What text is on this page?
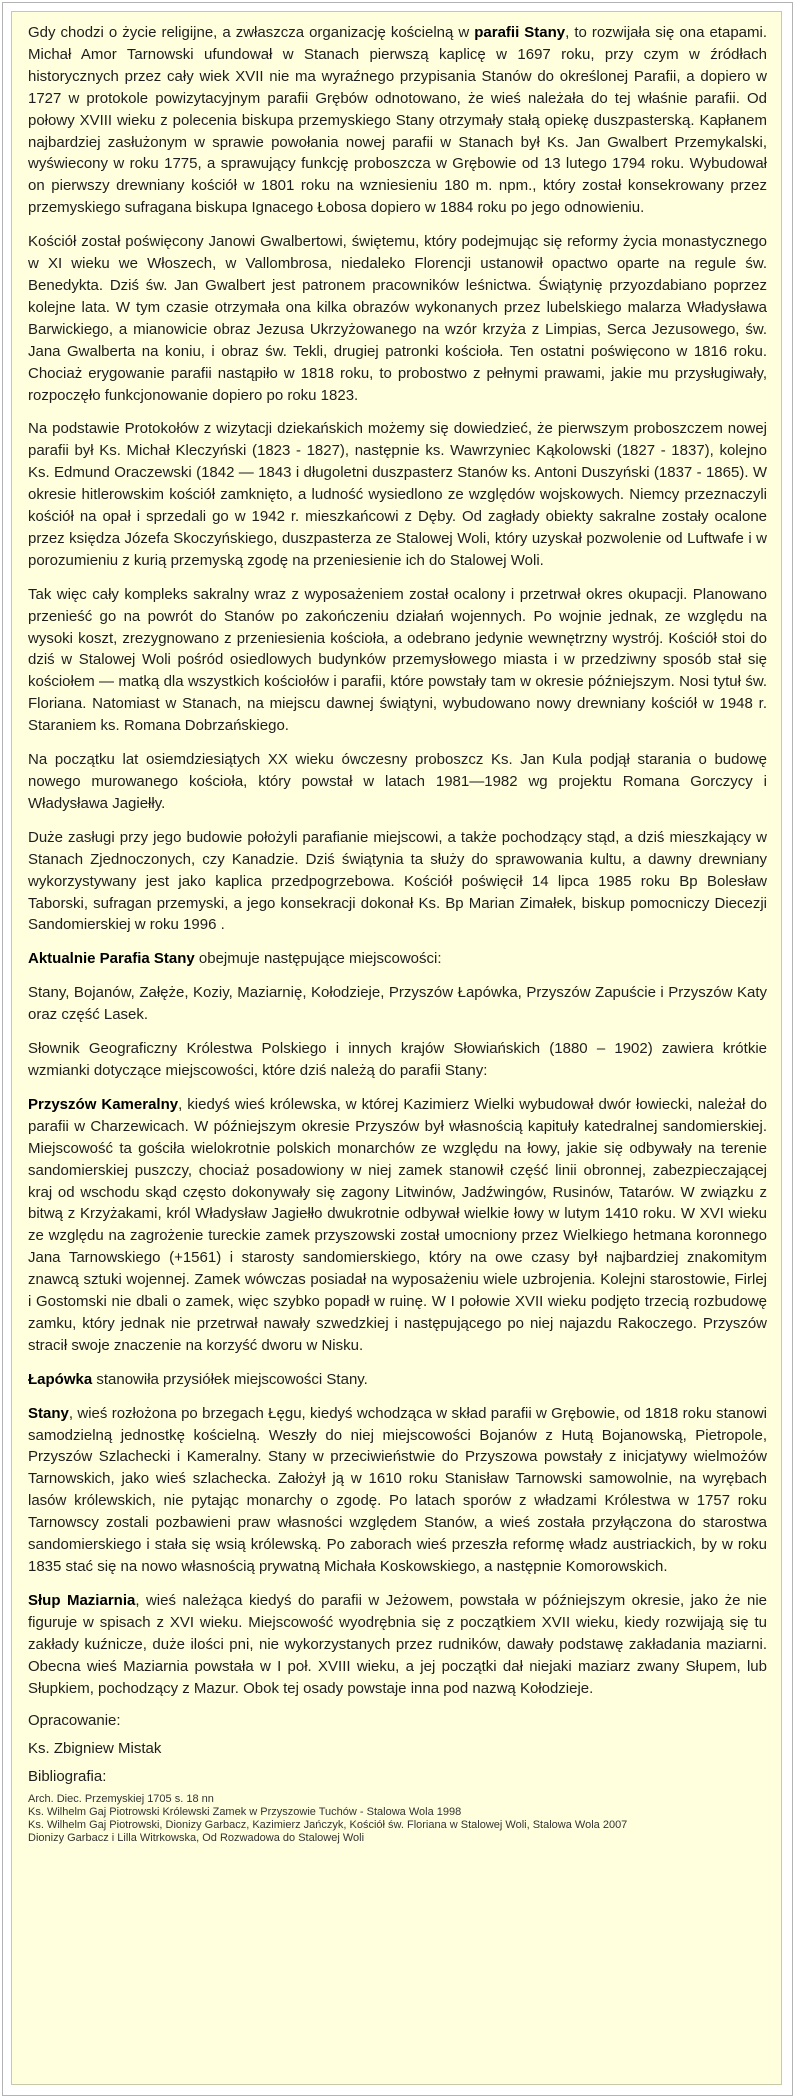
Gdy chodzi o życie religijne, a zwłaszcza organizację kościelną w parafii Stany, to rozwijała się ona etapami. Michał Amor Tarnowski ufundował w Stanach pierwszą kaplicę w 1697 roku, przy czym w źródłach historycznych przez cały wiek XVII nie ma wyraźnego przypisania Stanów do określonej Parafii, a dopiero w 1727 w protokole powizytacyjnym parafii Grębów odnotowano, że wieś należała do tej właśnie parafii. Od połowy XVIII wieku z polecenia biskupa przemyskiego Stany otrzymały stałą opiekę duszpasterską. Kapłanem najbardziej zasłużonym w sprawie powołania nowej parafii w Stanach był Ks. Jan Gwalbert Przemykalski, wyświecony w roku 1775, a sprawujący funkcję proboszcza w Grębowie od 13 lutego 1794 roku. Wybudował on pierwszy drewniany kościół w 1801 roku na wzniesieniu 180 m. npm., który został konsekrowany przez przemyskiego sufragana biskupa Ignacego Łobosa dopiero w 1884 roku po jego odnowieniu.

Kościół został poświęcony Janowi Gwalbertowi, świętemu, który podejmując się reformy życia monastycznego w XI wieku we Włoszech, w Vallombrosa, niedaleko Florencji ustanowił opactwo oparte na regule św. Benedykta. Dziś św. Jan Gwalbert jest patronem pracowników leśnictwa. Świątynię przyozdabiano poprzez kolejne lata. W tym czasie otrzymała ona kilka obrazów wykonanych przez lubelskiego malarza Władysława Barwickiego, a mianowicie obraz Jezusa Ukrzyżowanego na wzór krzyża z Limpias, Serca Jezusowego, św. Jana Gwalberta na koniu, i obraz św. Tekli, drugiej patronki kościoła. Ten ostatni poświęcono w 1816 roku. Chociaż erygowanie parafii nastąpiło w 1818 roku, to probostwo z pełnymi prawami, jakie mu przysługiwały, rozpoczęło funkcjonowanie dopiero po roku 1823.

Na podstawie Protokołów z wizytacji dziekańskich możemy się dowiedzieć, że pierwszym proboszczem nowej parafii był Ks. Michał Kleczyński (1823 - 1827), następnie ks. Wawrzyniec Kąkolowski (1827 - 1837), kolejno Ks. Edmund Oraczewski (1842 — 1843 i długoletni duszpasterz Stanów ks. Antoni Duszyński (1837 - 1865). W okresie hitlerowskim kościół zamknięto, a ludność wysiedlono ze względów wojskowych. Niemcy przeznaczyli kościół na opał i sprzedali go w 1942 r. mieszkańcowi z Dęby. Od zagłady obiekty sakralne zostały ocalone przez księdza Józefa Skoczyńskiego, duszpasterza ze Stalowej Woli, który uzyskał pozwolenie od Luftwafe i w porozumieniu z kurią przemyską zgodę na przeniesienie ich do Stalowej Woli.

Tak więc cały kompleks sakralny wraz z wyposażeniem został ocalony i przetrwał okres okupacji. Planowano przenieść go na powrót do Stanów po zakończeniu działań wojennych. Po wojnie jednak, ze względu na wysoki koszt, zrezygnowano z przeniesienia kościoła, a odebrano jedynie wewnętrzny wystrój. Kościół stoi do dziś w Stalowej Woli pośród osiedlowych budynków przemysłowego miasta i w przedziwny sposób stał się kościołem — matką dla wszystkich kościołów i parafii, które powstały tam w okresie późniejszym. Nosi tytuł św. Floriana. Natomiast w Stanach, na miejscu dawnej świątyni, wybudowano nowy drewniany kościół w 1948 r. Staraniem ks. Romana Dobrzańskiego.

Na początku lat osiemdziesiątych XX wieku ówczesny proboszcz Ks. Jan Kula podjął starania o budowę nowego murowanego kościoła, który powstał w latach 1981—1982 wg projektu Romana Gorczycy i Władysława Jagiełły.

Duże zasługi przy jego budowie położyli parafianie miejscowi, a także pochodzący stąd, a dziś mieszkający w Stanach Zjednoczonych, czy Kanadzie. Dziś świątynia ta służy do sprawowania kultu, a dawny drewniany wykorzystywany jest jako kaplica przedpogrzebowa. Kościół poświęcił 14 lipca 1985 roku Bp Bolesław Taborski, sufragan przemyski, a jego konsekracji dokonał Ks. Bp Marian Zimałek, biskup pomocniczy Diecezji Sandomierskiej w roku 1996 .

Aktualnie Parafia Stany obejmuje następujące miejscowości:

Stany, Bojanów, Załęże, Koziy, Maziarnię, Kołodzieje, Przyszów Łapówka, Przyszów Zapuście i Przyszów Katy oraz część Lasek.

Słownik Geograficzny Królestwa Polskiego i innych krajów Słowiańskich (1880 – 1902) zawiera krótkie wzmianki dotyczące miejscowości, które dziś należą do parafii Stany:

Przyszów Kameralny, kiedyś wieś królewska, w której Kazimierz Wielki wybudował dwór łowiecki, należał do parafii w Charzewicach. W późniejszym okresie Przyszów był własnością kapituły katedralnej sandomierskiej. Miejscowość ta gościła wielokrotnie polskich monarchów ze względu na łowy, jakie się odbywały na terenie sandomierskiej puszczy, chociaż posadowiony w niej zamek stanowił część linii obronnej, zabezpieczającej kraj od wschodu skąd często dokonywały się zagony Litwinów, Jadźwingów, Rusinów, Tatarów. W związku z bitwą z Krzyżakami, król Władysław Jagiełło dwukrotnie odbywał wielkie łowy w lutym 1410 roku. W XVI wieku ze względu na zagrożenie tureckie zamek przyszowski został umocniony przez Wielkiego hetmana koronnego Jana Tarnowskiego (+1561) i starosty sandomierskiego, który na owe czasy był najbardziej znakomitym znawcą sztuki wojennej. Zamek wówczas posiadał na wyposażeniu wiele uzbrojenia. Kolejni starostowie, Firlej i Gostomski nie dbali o zamek, więc szybko popadł w ruinę. W I połowie XVII wieku podjęto trzecią rozbudowę zamku, który jednak nie przetrwał nawały szwedzkiej i następującego po niej najazdu Rakoczego. Przyszów stracił swoje znaczenie na korzyść dworu w Nisku.

Łapówka stanowiła przysiółek miejscowości Stany.

Stany, wieś rozłożona po brzegach Łęgu, kiedyś wchodząca w skład parafii w Grębowie, od 1818 roku stanowi samodzielną jednostkę kościelną. Weszły do niej miejscowości Bojanów z Hutą Bojanowską, Pietropole, Przyszów Szlachecki i Kameralny. Stany w przeciwieństwie do Przyszowa powstały z inicjatywy wielmożów Tarnowskich, jako wieś szlachecka. Założył ją w 1610 roku Stanisław Tarnowski samowolnie, na wyrębach lasów królewskich, nie pytając monarchy o zgodę. Po latach sporów z władzami Królestwa w 1757 roku Tarnowscy zostali pozbawieni praw własności względem Stanów, a wieś została przyłączona do starostwa sandomierskiego i stała się wsią królewską. Po zaborach wieś przeszła reformę władz austriackich, by w roku 1835 stać się na nowo własnością prywatną Michała Koskowskiego, a następnie Komorowskich.

Słup Maziarnia, wieś należąca kiedyś do parafii w Jeżowem, powstała w późniejszym okresie, jako że nie figuruje w spisach z XVI wieku. Miejscowość wyodrębnia się z początkiem XVII wieku, kiedy rozwijają się tu zakłady kuźnicze, duże ilości pni, nie wykorzystanych przez rudników, dawały podstawę zakładania maziarni. Obecna wieś Maziarnia powstała w I poł. XVIII wieku, a jej początki dał niejaki maziarz zwany Słupem, lub Słupkiem, pochodzący z Mazur. Obok tej osady powstaje inna pod nazwą Kołodzieje.

Opracowanie:

Ks. Zbigniew Mistak

Bibliografia:

Arch. Diec. Przemyskiej 1705 s. 18 nn

Ks. Wilhelm Gaj Piotrowski Królewski Zamek w Przyszowie Tuchów - Stalowa Wola 1998

Ks. Wilhelm Gaj Piotrowski, Dionizy Garbacz, Kazimierz Jańczyk, Kościół św. Floriana w Stalowej Woli, Stalowa Wola 2007

Dionizy Garbacz i Lilla Witrkowska, Od Rozwadowa do Stalowej Woli
